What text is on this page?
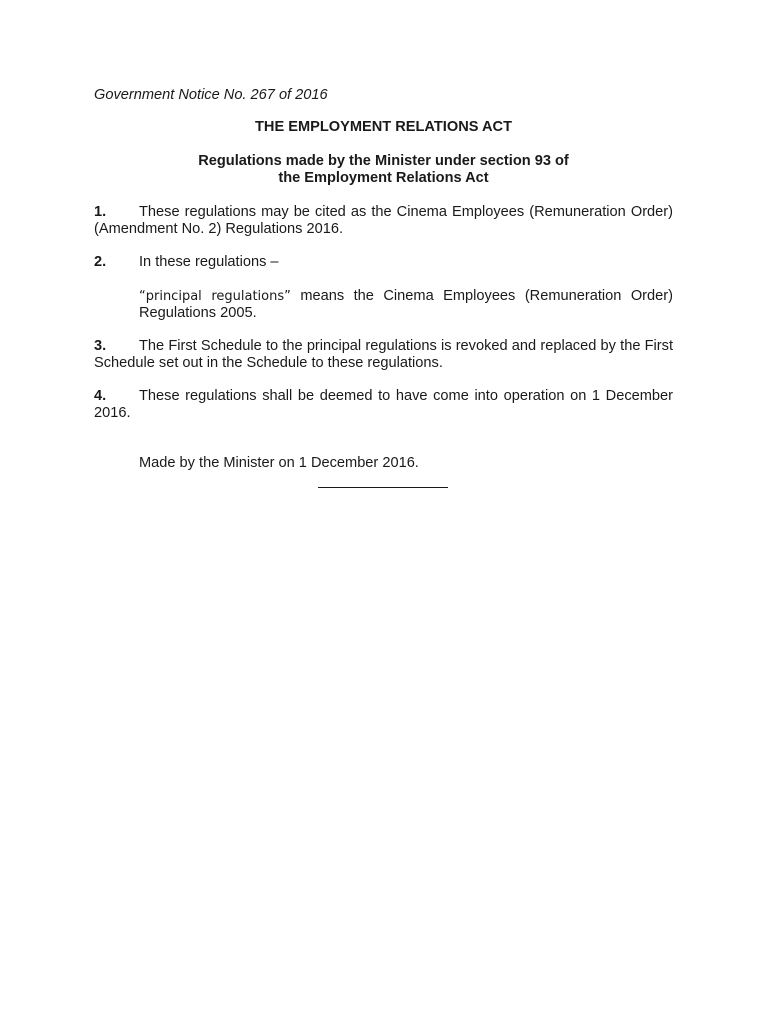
Government Notice No. 267 of 2016
THE EMPLOYMENT RELATIONS ACT
Regulations made by the Minister under section 93 of
the Employment Relations Act
1. These regulations may be cited as the Cinema Employees (Remuneration Order) (Amendment No. 2) Regulations 2016.
2. In these regulations –
“principal regulations” means the Cinema Employees (Remuneration Order) Regulations 2005.
3. The First Schedule to the principal regulations is revoked and replaced by the First Schedule set out in the Schedule to these regulations.
4. These regulations shall be deemed to have come into operation on 1 December 2016.
Made by the Minister on 1 December 2016.
